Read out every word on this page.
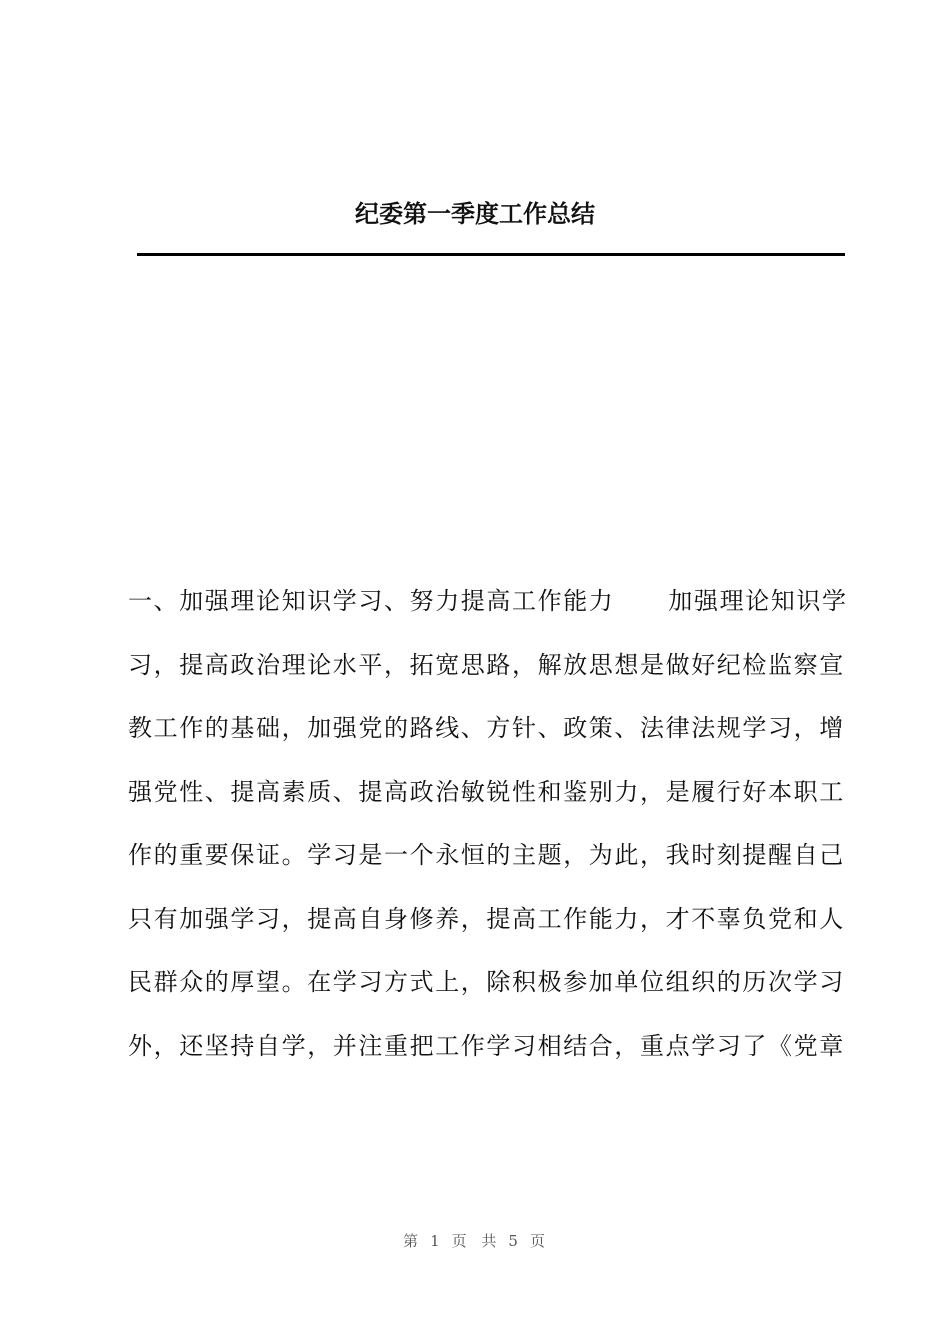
纪委第一季度工作总结
一、加强理论知识学习、努力提高工作能力 加强理论知识学
习，提高政治理论水平，拓宽思路，解放思想是做好纪检监察宣
教工作的基础，加强党的路线、方针、政策、法律法规学习，增
强党性、提高素质、提高政治敏锐性和鉴别力，是履行好本职工
作的重要保证。学习是一个永恒的主题，为此，我时刻提醒自己
只有加强学习，提高自身修养，提高工作能力，才不辜负党和人
民群众的厚望。在学习方式上，除积极参加单位组织的历次学习
外，还坚持自学，并注重把工作学习相结合，重点学习了《党章
第 1 页 共 5 页
